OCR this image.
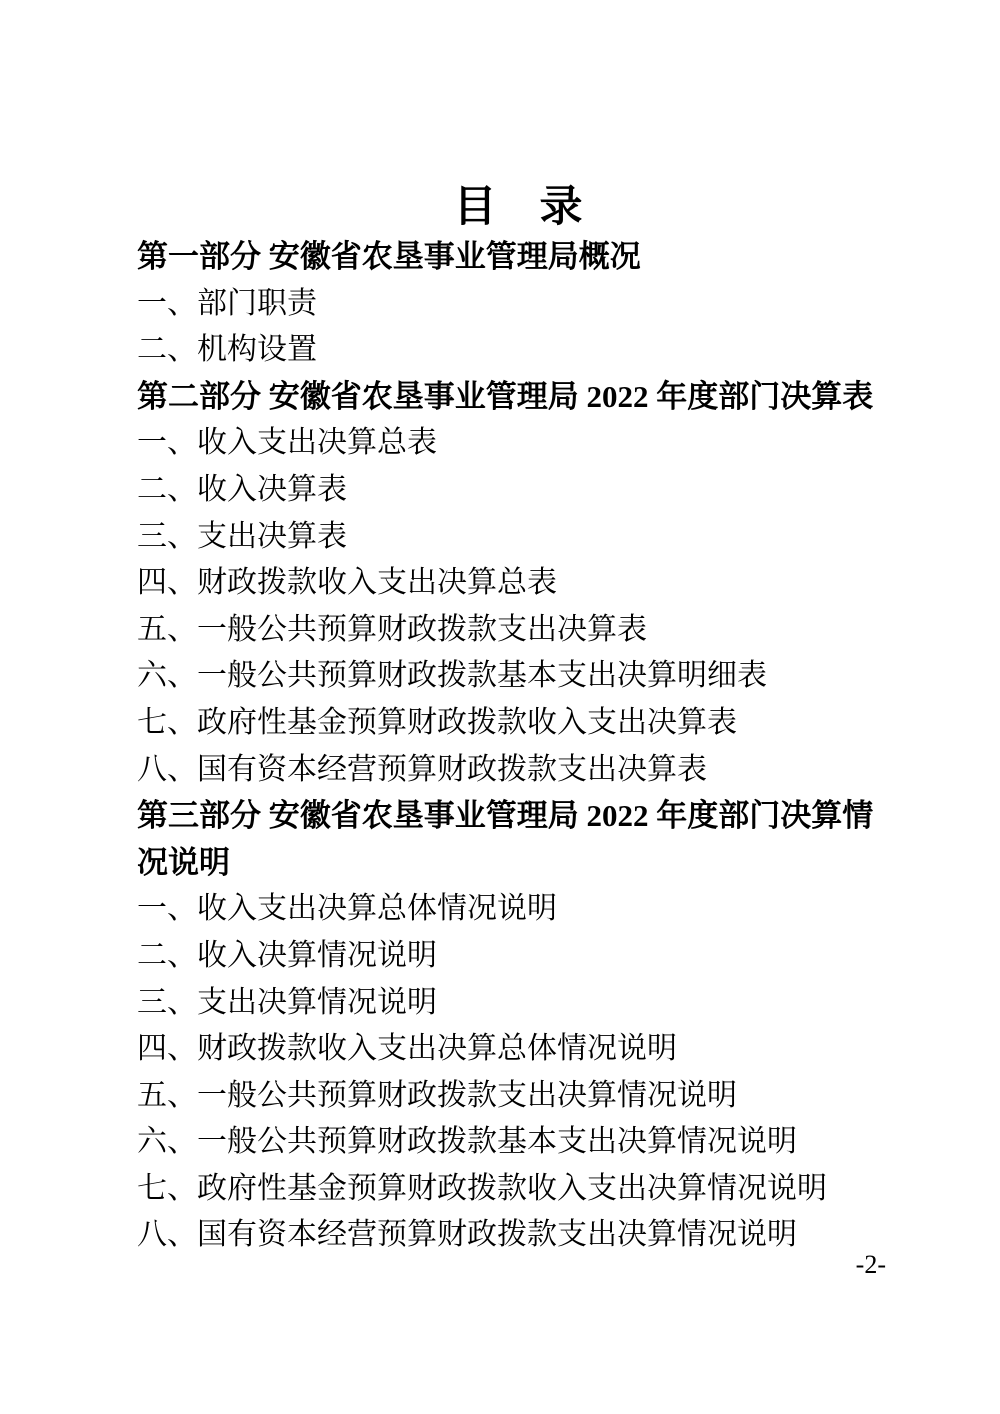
目　录
第一部分 安徽省农垦事业管理局概况
一、部门职责
二、机构设置
第二部分 安徽省农垦事业管理局 2022 年度部门决算表
一、收入支出决算总表
二、收入决算表
三、支出决算表
四、财政拨款收入支出决算总表
五、一般公共预算财政拨款支出决算表
六、一般公共预算财政拨款基本支出决算明细表
七、政府性基金预算财政拨款收入支出决算表
八、国有资本经营预算财政拨款支出决算表
第三部分 安徽省农垦事业管理局 2022 年度部门决算情况说明
一、收入支出决算总体情况说明
二、收入决算情况说明
三、支出决算情况说明
四、财政拨款收入支出决算总体情况说明
五、一般公共预算财政拨款支出决算情况说明
六、一般公共预算财政拨款基本支出决算情况说明
七、政府性基金预算财政拨款收入支出决算情况说明
八、国有资本经营预算财政拨款支出决算情况说明
-2-
